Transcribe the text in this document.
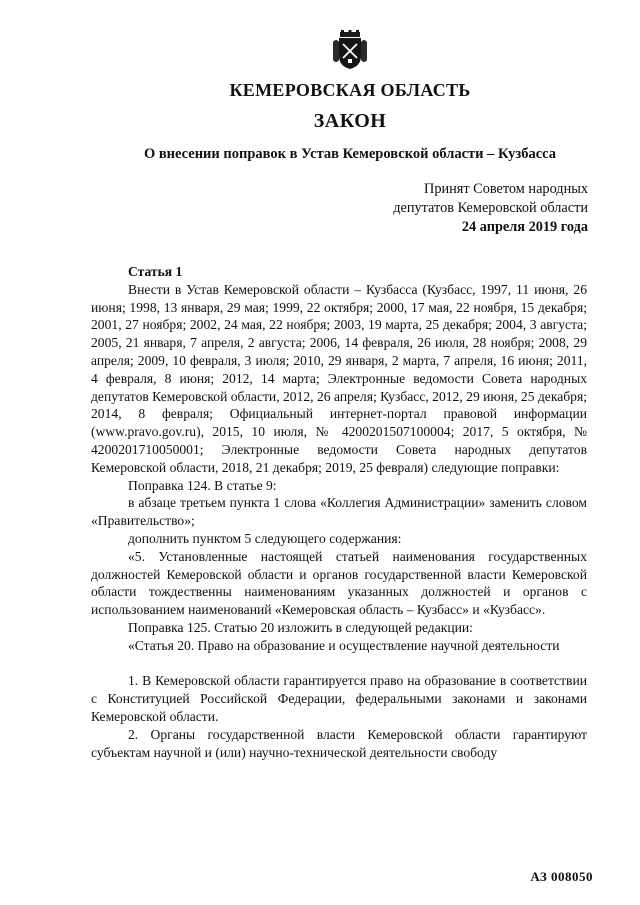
КЕМЕРОВСКАЯ ОБЛАСТЬ
ЗАКОН
О внесении поправок в Устав Кемеровской области – Кузбасса
Принят Советом народных
депутатов Кемеровской области
24 апреля 2019 года

Статья 1

Внести в Устав Кемеровской области – Кузбасса (Кузбасс, 1997, 11 июня, 26 июня; 1998, 13 января, 29 мая; 1999, 22 октября; 2000, 17 мая, 22 ноября, 15 декабря; 2001, 27 ноября; 2002, 24 мая, 22 ноября; 2003, 19 марта, 25 декабря; 2004, 3 августа; 2005, 21 января, 7 апреля, 2 августа; 2006, 14 февраля, 26 июля, 28 ноября; 2008, 29 апреля; 2009, 10 февраля, 3 июля; 2010, 29 января, 2 марта, 7 апреля, 16 июня; 2011, 4 февраля, 8 июня; 2012, 14 марта; Электронные ведомости Совета народных депутатов Кемеровской области, 2012, 26 апреля; Кузбасс, 2012, 29 июня, 25 декабря; 2014, 8 февраля; Официальный интернет-портал правовой информации (www.pravo.gov.ru), 2015, 10 июля, № 4200201507100004; 2017, 5 октября, № 4200201710050001; Электронные ведомости Совета народных депутатов Кемеровской области, 2018, 21 декабря; 2019, 25 февраля) следующие поправки:

Поправка 124. В статье 9:

в абзаце третьем пункта 1 слова «Коллегия Администрации» заменить словом «Правительство»;

дополнить пунктом 5 следующего содержания:

«5. Установленные настоящей статьей наименования государственных должностей Кемеровской области и органов государственной власти Кемеровской области тождественны наименованиям указанных должностей и органов с использованием наименований «Кемеровская область – Кузбасс» и «Кузбасс».

Поправка 125. Статью 20 изложить в следующей редакции:

«Статья 20. Право на образование и осуществление научной деятельности

1. В Кемеровской области гарантируется право на образование в соответствии с Конституцией Российской Федерации, федеральными законами и законами Кемеровской области.

2. Органы государственной власти Кемеровской области гарантируют субъектам научной и (или) научно-технической деятельности свободу

АЗ 008050
